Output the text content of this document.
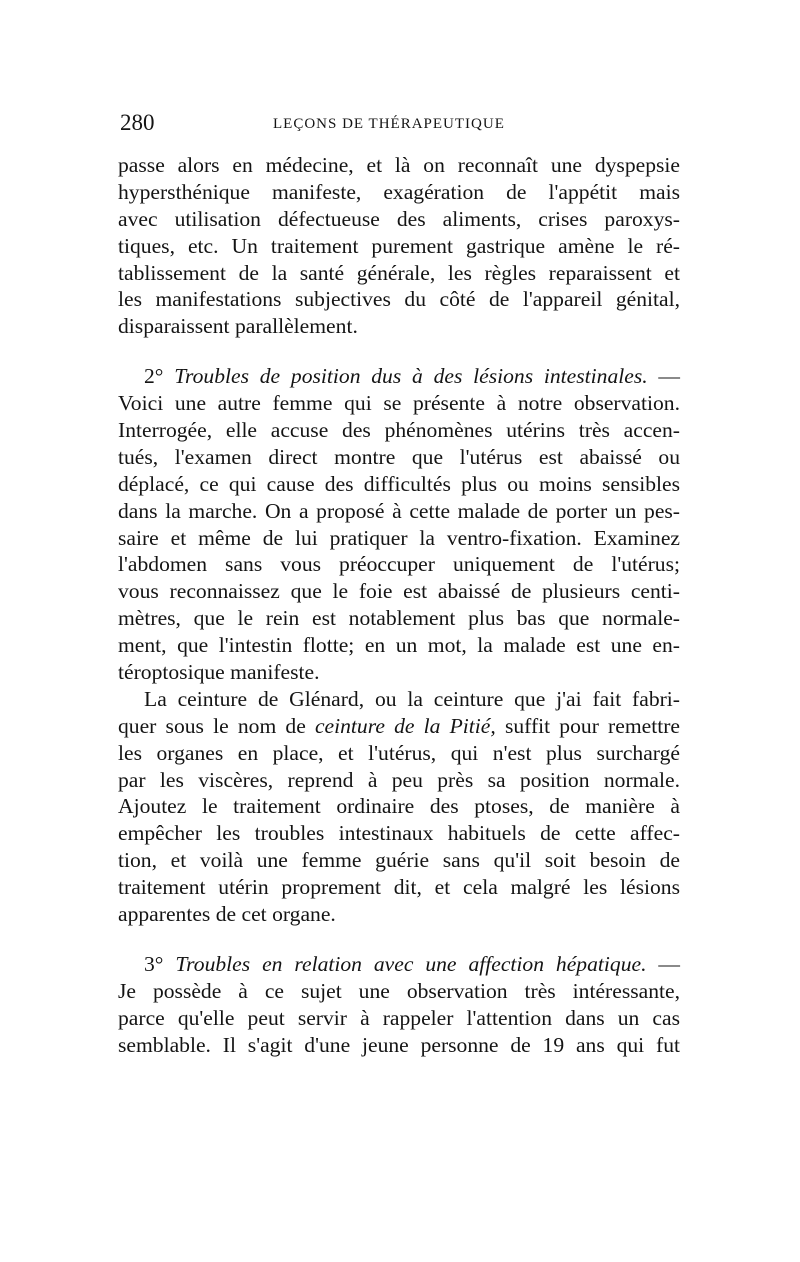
280	LEÇONS DE THÉRAPEUTIQUE
passe alors en médecine, et là on reconnaît une dyspepsie
hypersthénique manifeste, exagération de l'appétit mais
avec utilisation défectueuse des aliments, crises paroxys-
tiques, etc. Un traitement purement gastrique amène le ré-
tablissement de la santé générale, les règles reparaissent et
les manifestations subjectives du côté de l'appareil génital,
disparaissent parallèlement.
2° Troubles de position dus à des lésions intestinales. —
Voici une autre femme qui se présente à notre observation.
Interrogée, elle accuse des phénomènes utérins très accen-
tués, l'examen direct montre que l'utérus est abaissé ou
déplacé, ce qui cause des difficultés plus ou moins sensibles
dans la marche. On a proposé à cette malade de porter un pes-
saire et même de lui pratiquer la ventro-fixation. Examinez
l'abdomen sans vous préoccuper uniquement de l'utérus;
vous reconnaissez que le foie est abaissé de plusieurs centi-
mètres, que le rein est notablement plus bas que normale-
ment, que l'intestin flotte; en un mot, la malade est une en-
téroptosique manifeste.
La ceinture de Glénard, ou la ceinture que j'ai fait fabri-
quer sous le nom de ceinture de la Pitié, suffit pour remettre
les organes en place, et l'utérus, qui n'est plus surchargé
par les viscères, reprend à peu près sa position normale.
Ajoutez le traitement ordinaire des ptoses, de manière à
empêcher les troubles intestinaux habituels de cette affec-
tion, et voilà une femme guérie sans qu'il soit besoin de
traitement utérin proprement dit, et cela malgré les lésions
apparentes de cet organe.
3° Troubles en relation avec une affection hépatique. —
Je possède à ce sujet une observation très intéressante,
parce qu'elle peut servir à rappeler l'attention dans un cas
semblable. Il s'agit d'une jeune personne de 19 ans qui fut
